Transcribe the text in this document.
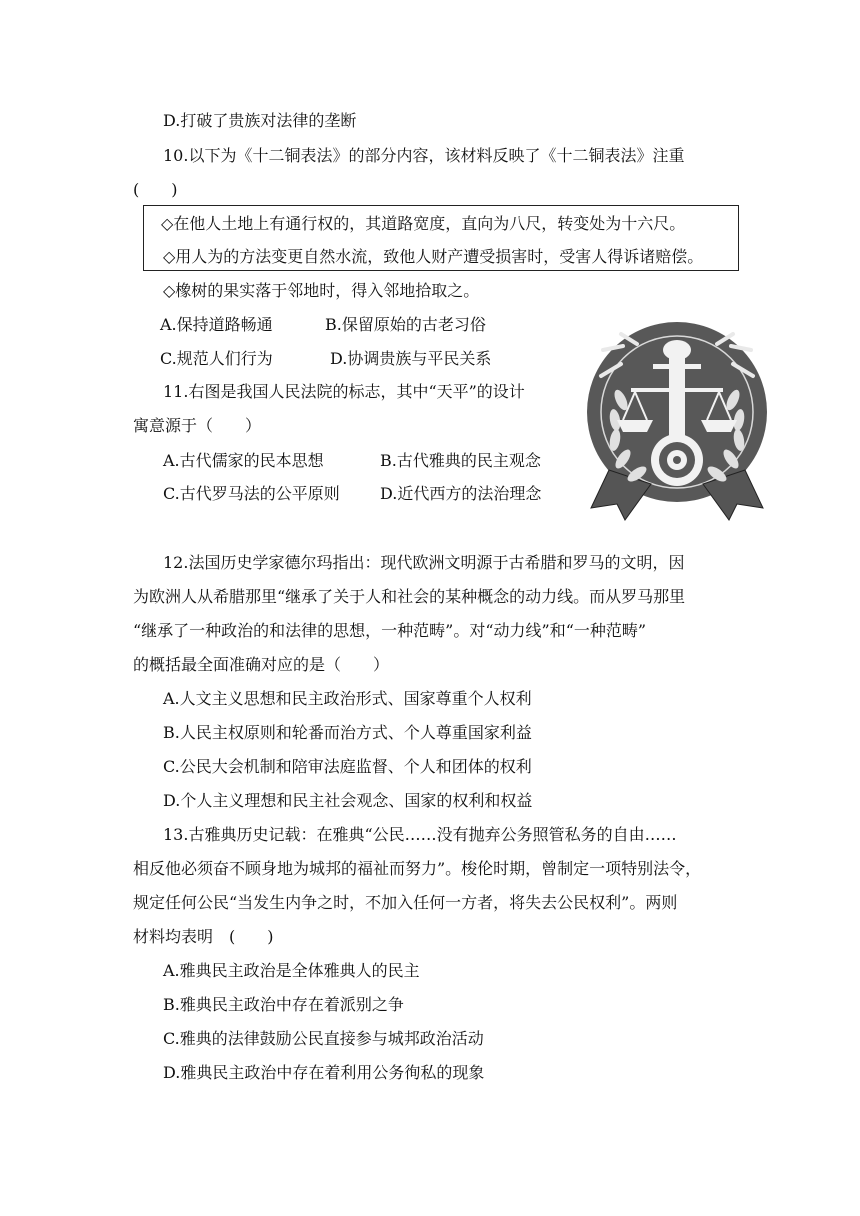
D.打破了贵族对法律的垄断
10.以下为《十二铜表法》的部分内容，该材料反映了《十二铜表法》注重
(　　)
◇在他人土地上有通行权的，其道路宽度，直向为八尺，转变处为十六尺。
◇用人为的方法变更自然水流，致他人财产遭受损害时，受害人得诉诸赔偿。
◇橡树的果实落于邻地时，得入邻地拾取之。
A.保持道路畅通	B.保留原始的古老习俗
C.规范人们行为	D.协调贵族与平民关系
11.右图是我国人民法院的标志，其中“天平”的设计
寓意源于（　　）
A.古代儒家的民本思想	B.古代雅典的民主观念
C.古代罗马法的公平原则	D.近代西方的法治理念
12.法国历史学家德尔玛指出：现代欧洲文明源于古希腊和罗马的文明，因
为欧洲人从希腊那里“继承了关于人和社会的某种概念的动力线。而从罗马那里
“继承了一种政治的和法律的思想，一种范畴”。对“动力线”和“一种范畴”
的概括最全面准确对应的是（　　）
A.人文主义思想和民主政治形式、国家尊重个人权利
B.人民主权原则和轮番而治方式、个人尊重国家利益
C.公民大会机制和陪审法庭监督、个人和团体的权利
D.个人主义理想和民主社会观念、国家的权利和权益
13.古雅典历史记载：在雅典“公民……没有抛弃公务照管私务的自由……
相反他必须奋不顾身地为城邦的福祉而努力”。梭伦时期，曾制定一项特别法令，
规定任何公民“当发生内争之时，不加入任何一方者，将失去公民权利”。两则
材料均表明　(　　)
A.雅典民主政治是全体雅典人的民主
B.雅典民主政治中存在着派别之争
C.雅典的法律鼓励公民直接参与城邦政治活动
D.雅典民主政治中存在着利用公务徇私的现象
